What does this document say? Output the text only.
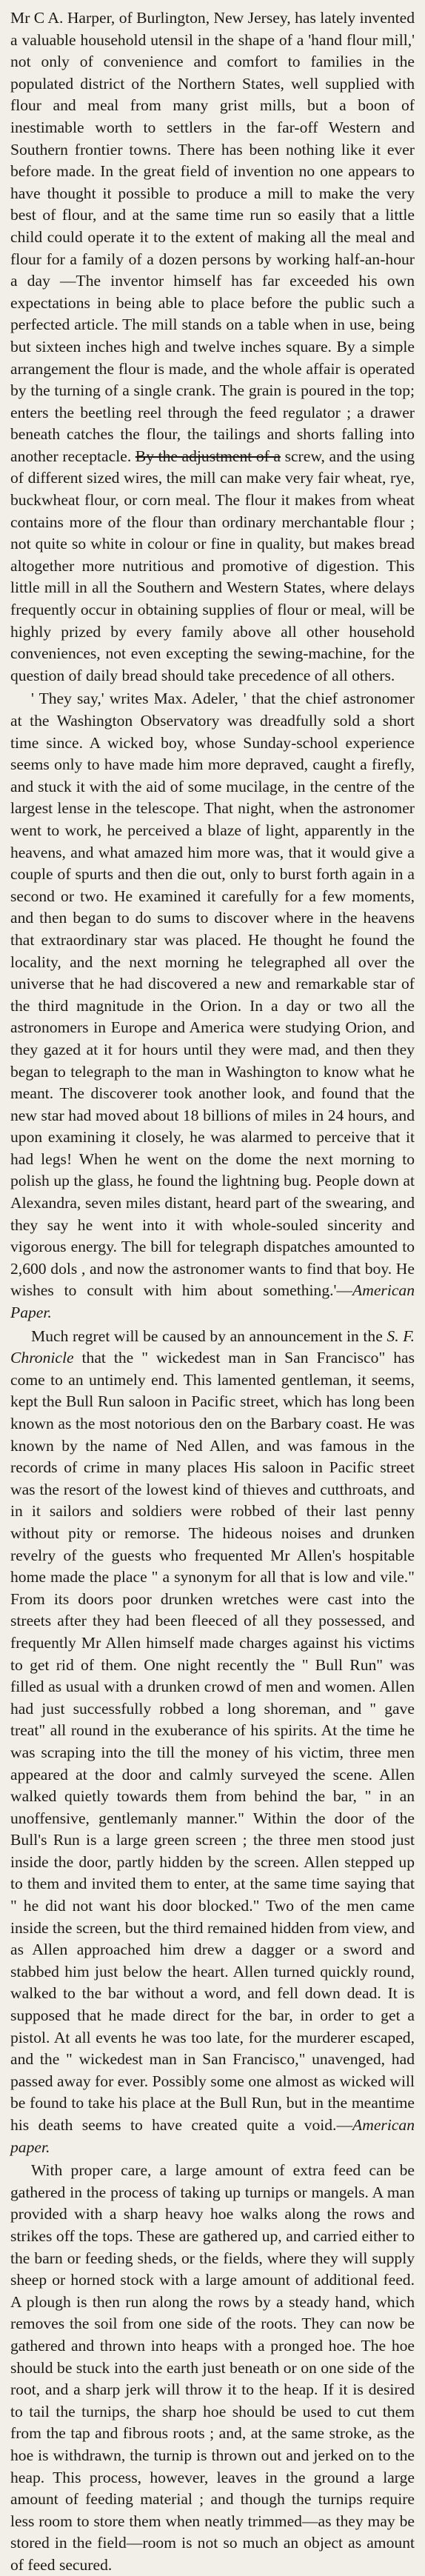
Mr C A. Harper, of Burlington, New Jersey, has lately invented a valuable household utensil in the shape of a 'hand flour mill,' not only of convenience and comfort to families in the populated district of the Northern States, well supplied with flour and meal from many grist mills, but a boon of inestimable worth to settlers in the far-off Western and Southern frontier towns. There has been nothing like it ever before made. In the great field of invention no one appears to have thought it possible to produce a mill to make the very best of flour, and at the same time run so easily that a little child could operate it to the extent of making all the meal and flour for a family of a dozen persons by working half-an-hour a day —The inventor himself has far exceeded his own expectations in being able to place before the public such a perfected article. The mill stands on a table when in use, being but sixteen inches high and twelve inches square. By a simple arrangement the flour is made, and the whole affair is operated by the turning of a single crank. The grain is poured in the top; enters the beetling reel through the feed regulator ; a drawer beneath catches the flour, the tailings and shorts falling into another receptacle. By the adjustment of a screw, and the using of different sized wires, the mill can make very fair wheat, rye, buckwheat flour, or corn meal. The flour it makes from wheat contains more of the flour than ordinary merchantable flour ; not quite so white in colour or fine in quality, but makes bread altogether more nutritious and promotive of digestion. This little mill in all the Southern and Western States, where delays frequently occur in obtaining supplies of flour or meal, will be highly prized by every family above all other household conveniences, not even excepting the sewing-machine, for the question of daily bread should take precedence of all others.

' They say,' writes Max. Adeler, ' that the chief astronomer at the Washington Observatory was dreadfully sold a short time since. A wicked boy, whose Sunday-school experience seems only to have made him more depraved, caught a firefly, and stuck it with the aid of some mucilage, in the centre of the largest lense in the telescope. That night, when the astronomer went to work, he perceived a blaze of light, apparently in the heavens, and what amazed him more was, that it would give a couple of spurts and then die out, only to burst forth again in a second or two. He examined it carefully for a few moments, and then began to do sums to discover where in the heavens that extraordinary star was placed. He thought he found the locality, and the next morning he telegraphed all over the universe that he had discovered a new and remarkable star of the third magnitude in the Orion. In a day or two all the astronomers in Europe and America were studying Orion, and they gazed at it for hours until they were mad, and then they began to telegraph to the man in Washington to know what he meant. The discoverer took another look, and found that the new star had moved about 18 billions of miles in 24 hours, and upon examining it closely, he was alarmed to perceive that it had legs! When he went on the dome the next morning to polish up the glass, he found the lightning bug. People down at Alexandra, seven miles distant, heard part of the swearing, and they say he went into it with whole-souled sincerity and vigorous energy. The bill for telegraph dispatches amounted to 2,600 dols , and now the astronomer wants to find that boy. He wishes to consult with him about something.'—American Paper.

Much regret will be caused by an announcement in the S. F. Chronicle that the " wickedest man in San Francisco" has come to an untimely end. This lamented gentleman, it seems, kept the Bull Run saloon in Pacific street, which has long been known as the most notorious den on the Barbary coast. He was known by the name of Ned Allen, and was famous in the records of crime in many places His saloon in Pacific street was the resort of the lowest kind of thieves and cutthroats, and in it sailors and soldiers were robbed of their last penny without pity or remorse. The hideous noises and drunken revelry of the guests who frequented Mr Allen's hospitable home made the place " a synonym for all that is low and vile." From its doors poor drunken wretches were cast into the streets after they had been fleeced of all they possessed, and frequently Mr Allen himself made charges against his victims to get rid of them. One night recently the " Bull Run" was filled as usual with a drunken crowd of men and women. Allen had just successfully robbed a long shoreman, and " gave treat" all round in the exuberance of his spirits. At the time he was scraping into the till the money of his victim, three men appeared at the door and calmly surveyed the scene. Allen walked quietly towards them from behind the bar, " in an unoffensive, gentlemanly manner." Within the door of the Bull's Run is a large green screen ; the three men stood just inside the door, partly hidden by the screen. Allen stepped up to them and invited them to enter, at the same time saying that " he did not want his door blocked." Two of the men came inside the screen, but the third remained hidden from view, and as Allen approached him drew a dagger or a sword and stabbed him just below the heart. Allen turned quickly round, walked to the bar without a word, and fell down dead. It is supposed that he made direct for the bar, in order to get a pistol. At all events he was too late, for the murderer escaped, and the " wickedest man in San Francisco," unavenged, had passed away for ever. Possibly some one almost as wicked will be found to take his place at the Bull Run, but in the meantime his death seems to have created quite a void.—American paper.

With proper care, a large amount of extra feed can be gathered in the process of taking up turnips or mangels. A man provided with a sharp heavy hoe walks along the rows and strikes off the tops. These are gathered up, and carried either to the barn or feeding sheds, or the fields, where they will supply sheep or horned stock with a large amount of additional feed. A plough is then run along the rows by a steady hand, which removes the soil from one side of the roots. They can now be gathered and thrown into heaps with a pronged hoe. The hoe should be stuck into the earth just beneath or on one side of the root, and a sharp jerk will throw it to the heap. If it is desired to tail the turnips, the sharp hoe should be used to cut them from the tap and fibrous roots ; and, at the same stroke, as the hoe is withdrawn, the turnip is thrown out and jerked on to the heap. This process, however, leaves in the ground a large amount of feeding material ; and though the turnips require less room to store them when neatly trimmed—as they may be stored in the field—room is not so much an object as amount of feed secured.
